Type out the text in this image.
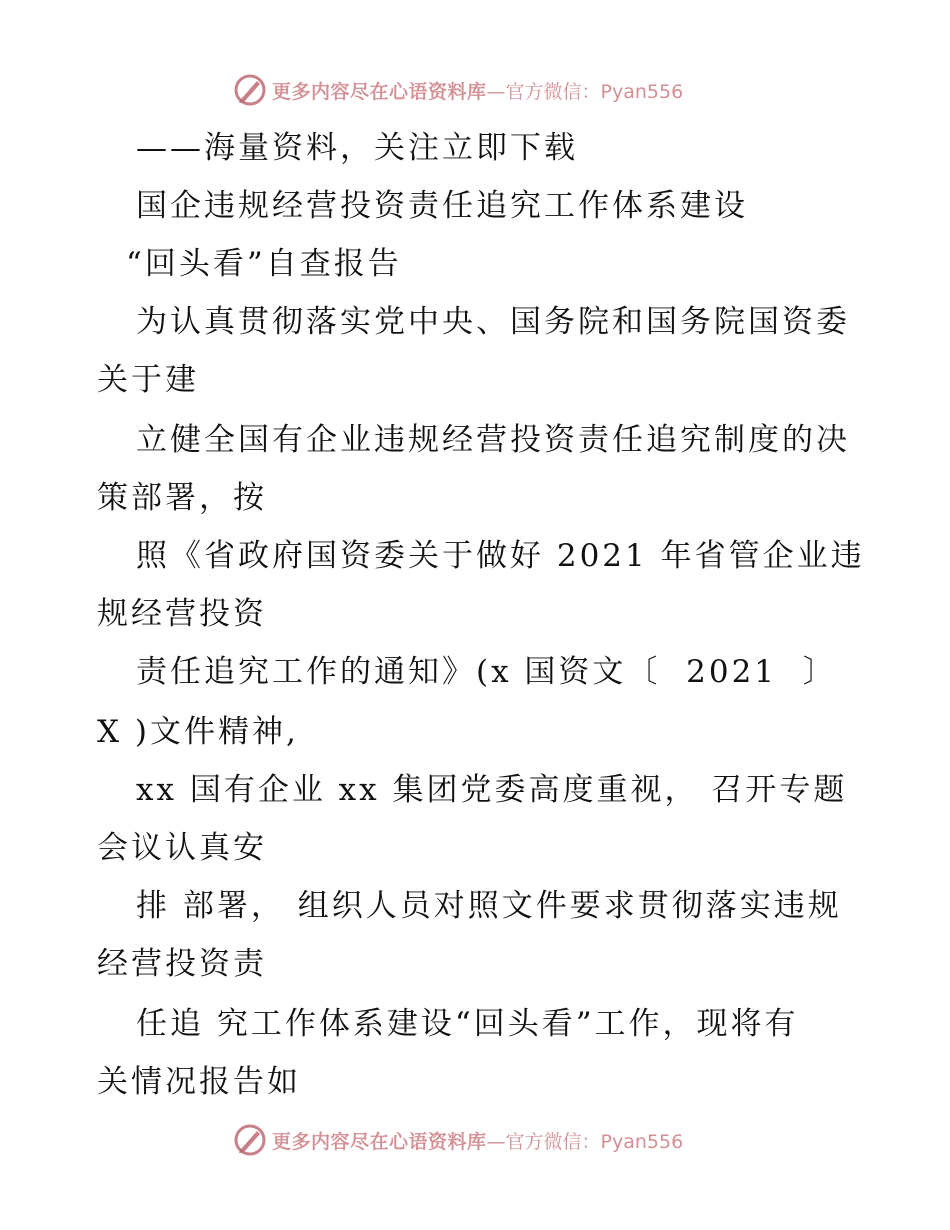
更多内容尽在心语资料库 —官方微信：Pyan556
——海量资料，关注立即下载
国企违规经营投资责任追究工作体系建设
“回头看”自查报告
为认真贯彻落实党中央、国务院和国务院国资委
关于建
立健全国有企业违规经营投资责任追究制度的决
策部署，按
照《省政府国资委关于做好 2021 年省管企业违
规经营投资
责任追究工作的通知》(x 国资文〔  2021  〕
X )文件精神,
xx 国有企业 xx 集团党委高度重视， 召开专题
会议认真安
排 部署， 组织人员对照文件要求贯彻落实违规
经营投资责
任追 究工作体系建设“回头看”工作，现将有
关情况报告如
更多内容尽在心语资料库 —官方微信：Pyan556
